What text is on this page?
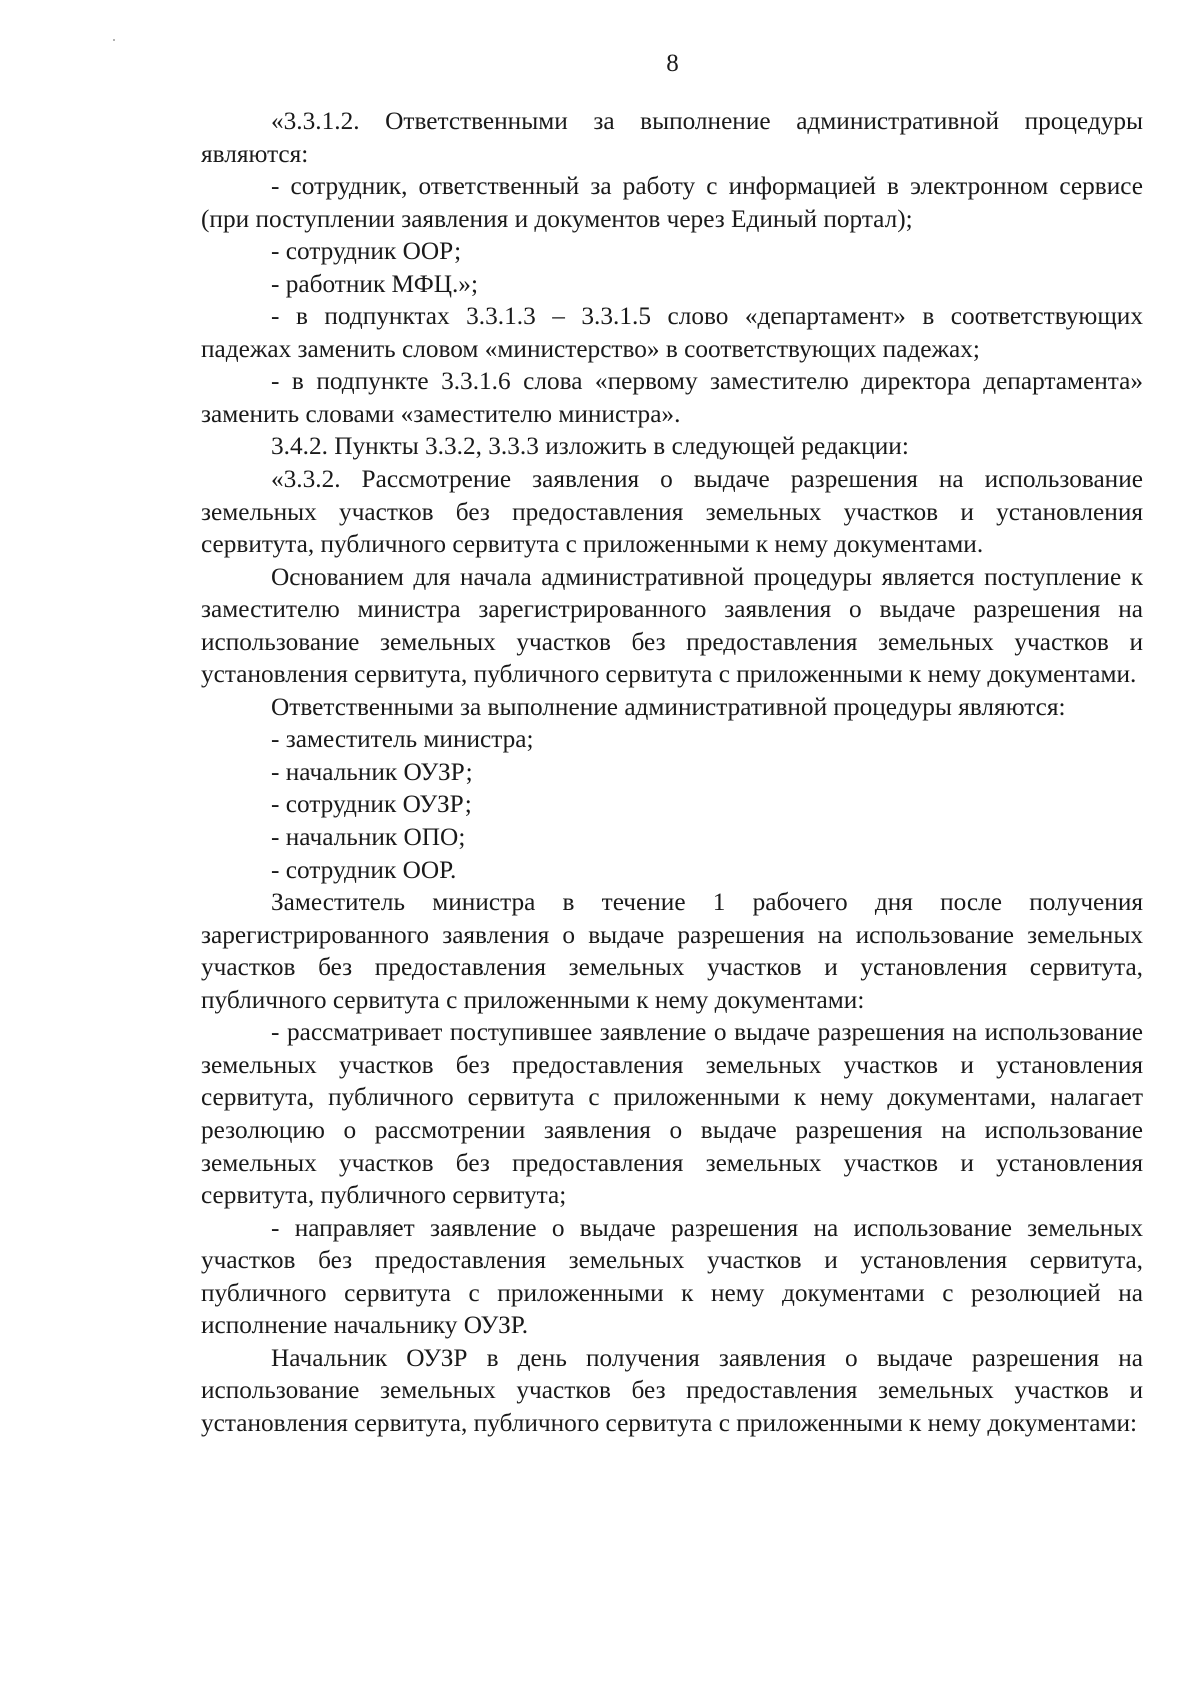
8

«3.3.1.2. Ответственными за выполнение административной процедуры являются:

- сотрудник, ответственный за работу с информацией в электронном сервисе (при поступлении заявления и документов через Единый портал);

- сотрудник ООР;

- работник МФЦ.»;

- в подпунктах 3.3.1.3 – 3.3.1.5 слово «департамент» в соответствующих падежах заменить словом «министерство» в соответствующих падежах;

- в подпункте 3.3.1.6 слова «первому заместителю директора департамента» заменить словами «заместителю министра».

3.4.2. Пункты 3.3.2, 3.3.3 изложить в следующей редакции:

«3.3.2. Рассмотрение заявления о выдаче разрешения на использование земельных участков без предоставления земельных участков и установления сервитута, публичного сервитута с приложенными к нему документами.

Основанием для начала административной процедуры является поступление к заместителю министра зарегистрированного заявления о выдаче разрешения на использование земельных участков без предоставления земельных участков и установления сервитута, публичного сервитута с приложенными к нему документами.

Ответственными за выполнение административной процедуры являются:

- заместитель министра;

- начальник ОУЗР;

- сотрудник ОУЗР;

- начальник ОПО;

- сотрудник ООР.

Заместитель министра в течение 1 рабочего дня после получения зарегистрированного заявления о выдаче разрешения на использование земельных участков без предоставления земельных участков и установления сервитута, публичного сервитута с приложенными к нему документами:

- рассматривает поступившее заявление о выдаче разрешения на использование земельных участков без предоставления земельных участков и установления сервитута, публичного сервитута с приложенными к нему документами, налагает резолюцию о рассмотрении заявления о выдаче разрешения на использование земельных участков без предоставления земельных участков и установления сервитута, публичного сервитута;

- направляет заявление о выдаче разрешения на использование земельных участков без предоставления земельных участков и установления сервитута, публичного сервитута с приложенными к нему документами с резолюцией на исполнение начальнику ОУЗР.

Начальник ОУЗР в день получения заявления о выдаче разрешения на использование земельных участков без предоставления земельных участков и установления сервитута, публичного сервитута с приложенными к нему документами:
